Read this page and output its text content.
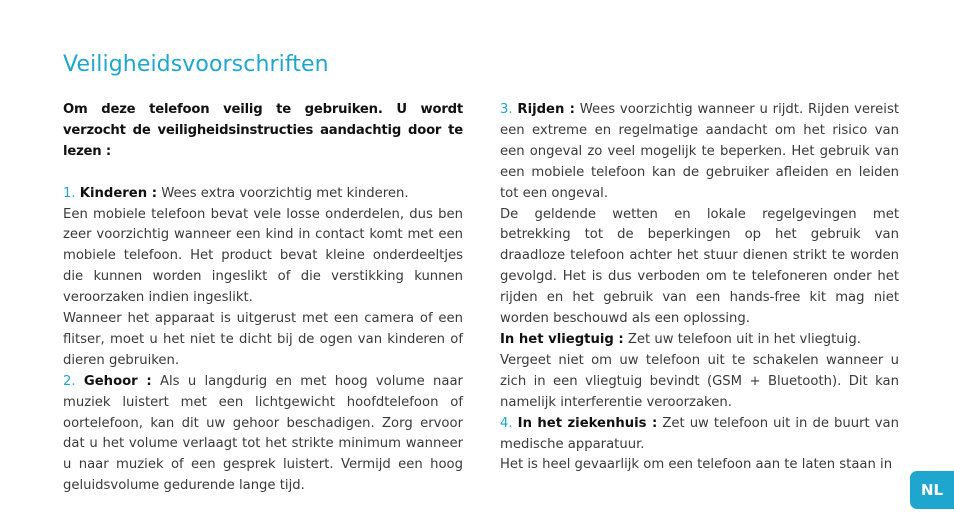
Veiligheidsvoorschriften

Om deze telefoon veilig te gebruiken. U wordt verzocht de veiligheidsinstructies aandachtig door te lezen :

1. Kinderen : Wees extra voorzichtig met kinderen.

Een mobiele telefoon bevat vele losse onderdelen, dus ben zeer voorzichtig wanneer een kind in contact komt met een mobiele telefoon. Het product bevat kleine onderdeeltjes die kunnen worden ingeslikt of die verstikking kunnen veroorzaken indien ingeslikt.

Wanneer het apparaat is uitgerust met een camera of een flitser, moet u het niet te dicht bij de ogen van kinderen of dieren gebruiken.

2. Gehoor : Als u langdurig en met hoog volume naar muziek luistert met een lichtgewicht hoofdtelefoon of oortelefoon, kan dit uw gehoor beschadigen. Zorg ervoor dat u het volume verlaagt tot het strikte minimum wanneer u naar muziek of een gesprek luistert. Vermijd een hoog geluidsvolume gedurende lange tijd.

3. Rijden : Wees voorzichtig wanneer u rijdt. Rijden vereist een extreme en regelmatige aandacht om het risico van een ongeval zo veel mogelijk te beperken. Het gebruik van een mobiele telefoon kan de gebruiker afleiden en leiden tot een ongeval.

De geldende wetten en lokale regelgevingen met betrekking tot de beperkingen op het gebruik van draadloze telefoon achter het stuur dienen strikt te worden gevolgd. Het is dus verboden om te telefoneren onder het rijden en het gebruik van een hands-free kit mag niet worden beschouwd als een oplossing.

In het vliegtuig : Zet uw telefoon uit in het vliegtuig.

Vergeet niet om uw telefoon uit te schakelen wanneer u zich in een vliegtuig bevindt (GSM + Bluetooth). Dit kan namelijk interferentie veroorzaken.

4. In het ziekenhuis : Zet uw telefoon uit in de buurt van medische apparatuur.

Het is heel gevaarlijk om een telefoon aan te laten staan in

NL
